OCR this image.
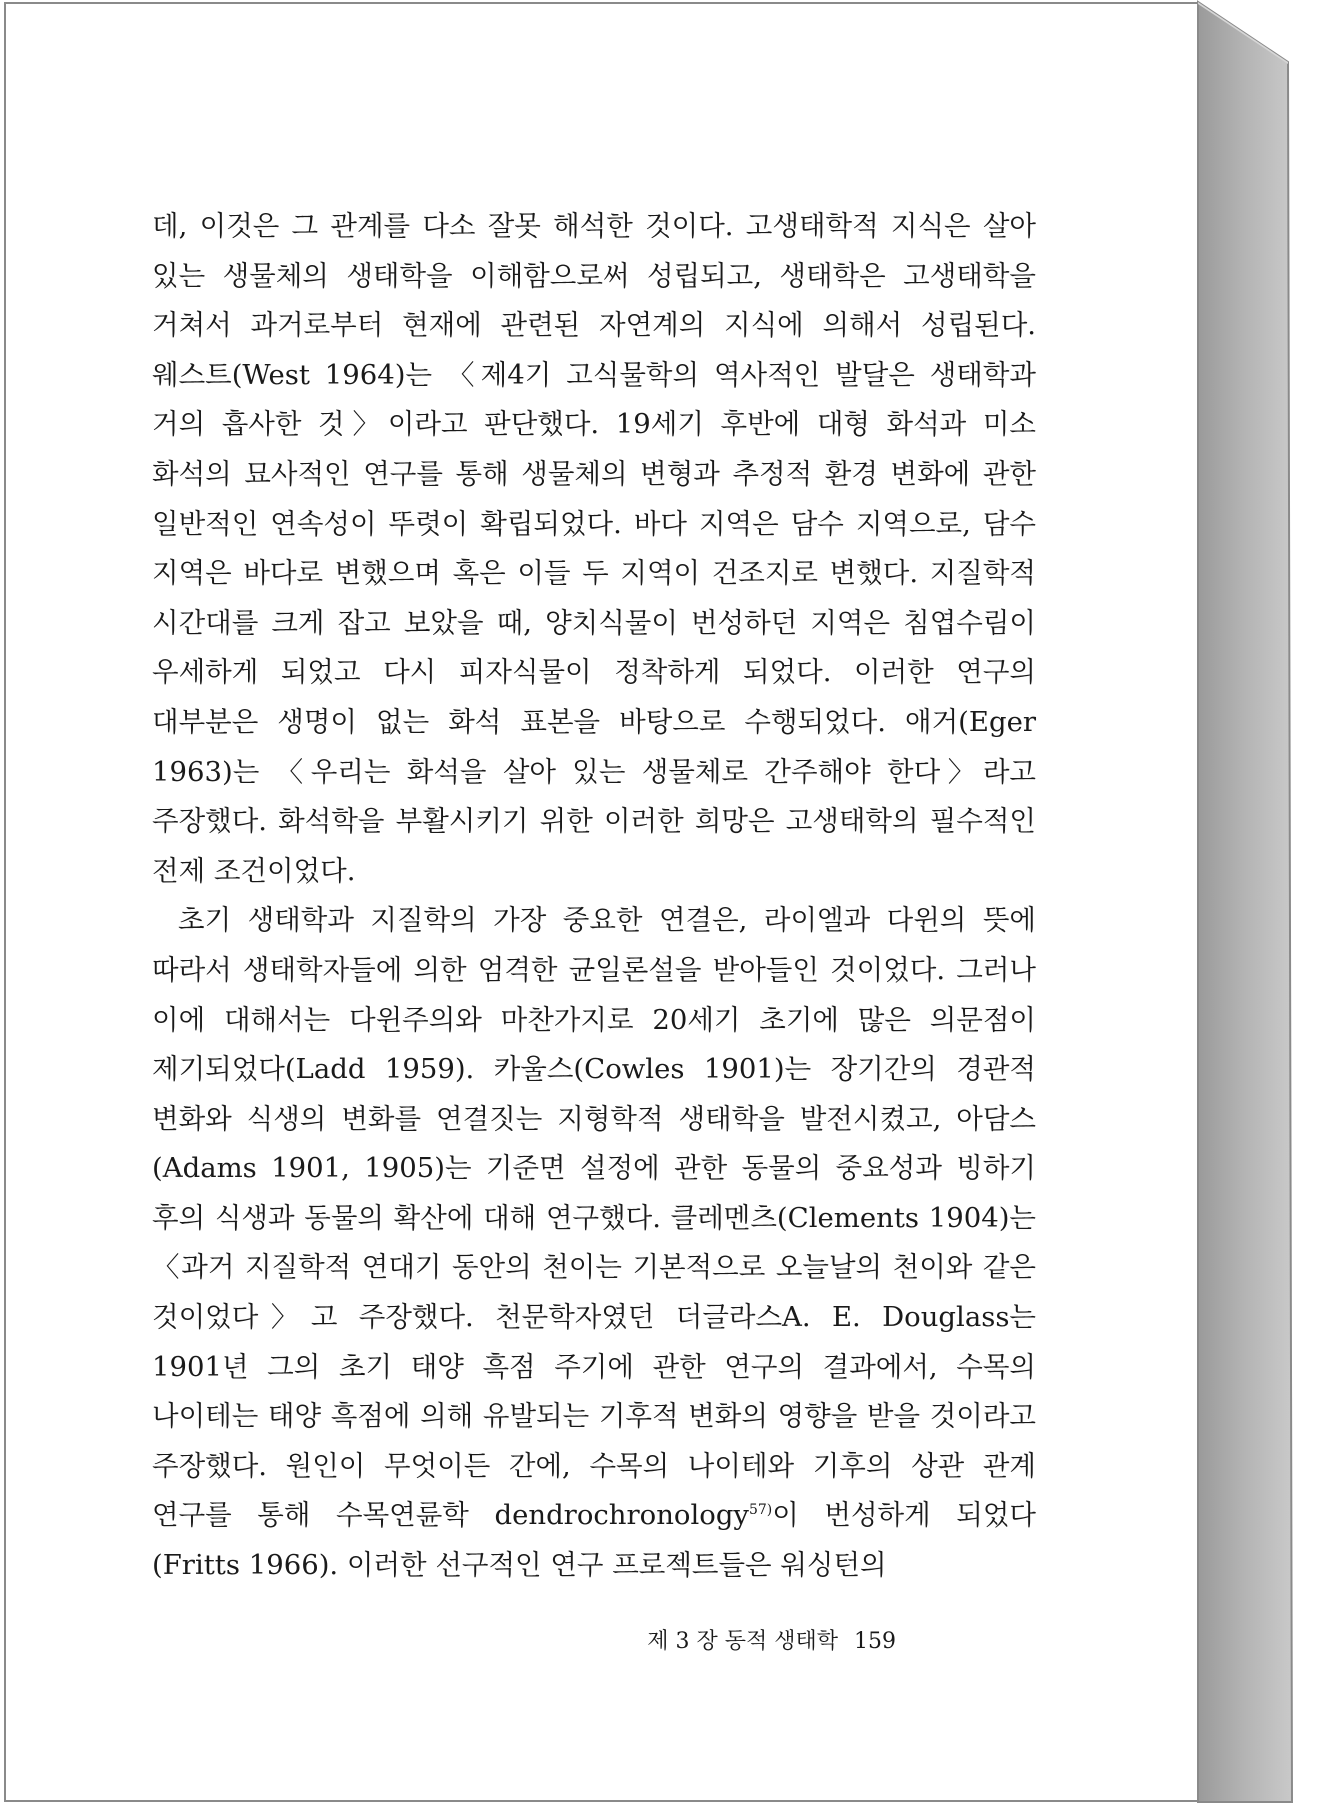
데, 이것은 그 관계를 다소 잘못 해석한 것이다. 고생태학적 지식은 살아 있는 생물체의 생태학을 이해함으로써 성립되고, 생태학은 고생태학을 거쳐서 과거로부터 현재에 관련된 자연계의 지식에 의해서 성립된다. 웨스트(West 1964)는 〈제4기 고식물학의 역사적인 발달은 생태학과 거의 흡사한 것〉이라고 판단했다. 19세기 후반에 대형 화석과 미소 화석의 묘사적인 연구를 통해 생물체의 변형과 추정적 환경 변화에 관한 일반적인 연속성이 뚜렷이 확립되었다. 바다 지역은 담수 지역으로, 담수 지역은 바다로 변했으며 혹은 이들 두 지역이 건조지로 변했다. 지질학적 시간대를 크게 잡고 보았을 때, 양치식물이 번성하던 지역은 침엽수림이 우세하게 되었고 다시 피자식물이 정착하게 되었다. 이러한 연구의 대부분은 생명이 없는 화석 표본을 바탕으로 수행되었다. 애거(Eger 1963)는 〈우리는 화석을 살아 있는 생물체로 간주해야 한다〉라고 주장했다. 화석학을 부활시키기 위한 이러한 희망은 고생태학의 필수적인 전제 조건이었다.

초기 생태학과 지질학의 가장 중요한 연결은, 라이엘과 다윈의 뜻에 따라서 생태학자들에 의한 엄격한 균일론설을 받아들인 것이었다. 그러나 이에 대해서는 다윈주의와 마찬가지로 20세기 초기에 많은 의문점이 제기되었다(Ladd 1959). 카울스(Cowles 1901)는 장기간의 경관적 변화와 식생의 변화를 연결짓는 지형학적 생태학을 발전시켰고, 아담스(Adams 1901, 1905)는 기준면 설정에 관한 동물의 중요성과 빙하기 후의 식생과 동물의 확산에 대해 연구했다. 클레멘츠(Clements 1904)는 〈과거 지질학적 연대기 동안의 천이는 기본적으로 오늘날의 천이와 같은 것이었다〉고 주장했다. 천문학자였던 더글라스A. E. Douglass는 1901년 그의 초기 태양 흑점 주기에 관한 연구의 결과에서, 수목의 나이테는 태양 흑점에 의해 유발되는 기후적 변화의 영향을 받을 것이라고 주장했다. 원인이 무엇이든 간에, 수목의 나이테와 기후의 상관 관계 연구를 통해 수목연륜학 dendrochronology$^{57)}$이 번성하게 되었다(Fritts 1966). 이러한 선구적인 연구 프로젝트들은 워싱턴의

제 3 장 동적 생태학 159
